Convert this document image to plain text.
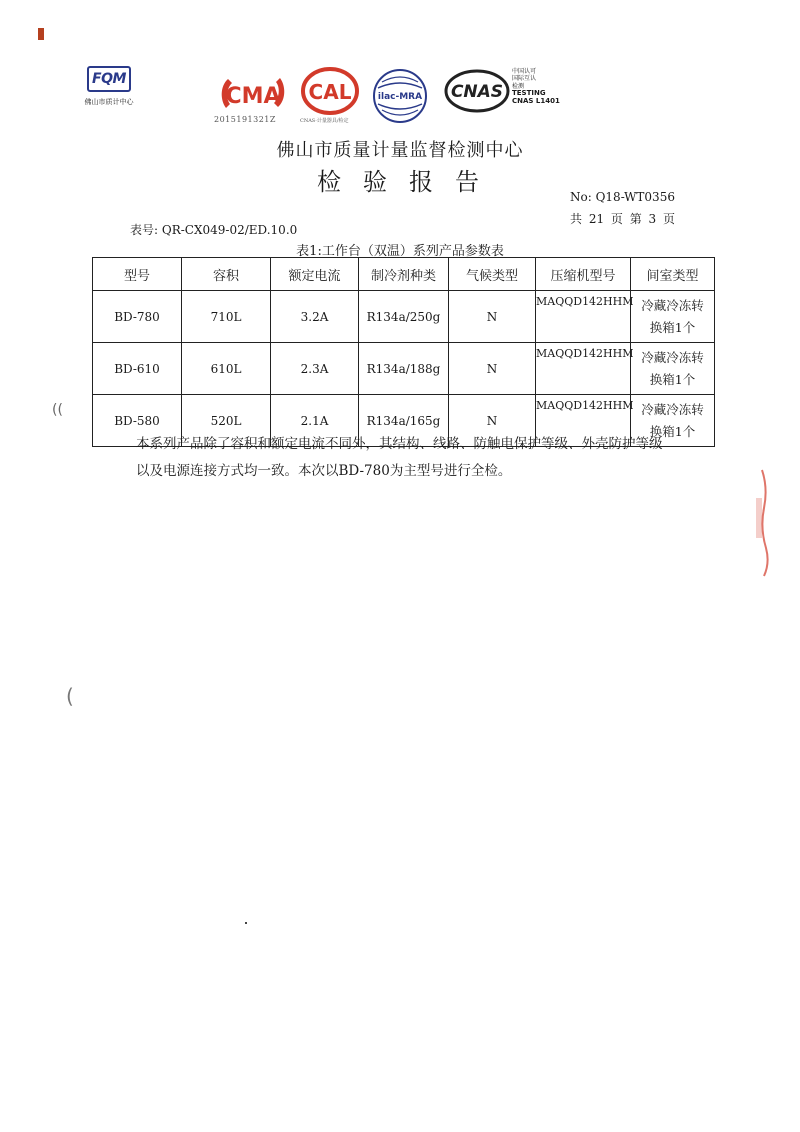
FQM
佛山市质计中心	CMA
2015191321Z
CAL
CNAS·计量器具/检定
ilac-MRA CNAS
中国认可
国际互认
检测
TESTING
CNAS L1401
佛山市质量计量监督检测中心
检验报告
No: Q18-WT0356
共 21 页 第 3 页
表号: QR-CX049-02/ED.10.0
表1:工作台（双温）系列产品参数表
型号	容积	额定电流	制冷剂种类	气候类型	压缩机型号	间室类型
BD-780	710L	3.2A	R134a/250g	N	MAQQD142HHM	冷藏冷冻转
换箱1个

BD-610	610L	2.3A	R134a/188g	N	MAQQD142HHM	冷藏冷冻转
换箱1个

BD-580	520L	2.1A	R134a/165g	N	MAQQD142HHM	冷藏冷冻转
换箱1个
本系列产品除了容积和额定电流不同外，其结构、线路、防触电保护等级、外壳防护等级
以及电源连接方式均一致。本次以BD-780为主型号进行全检。
((
(
